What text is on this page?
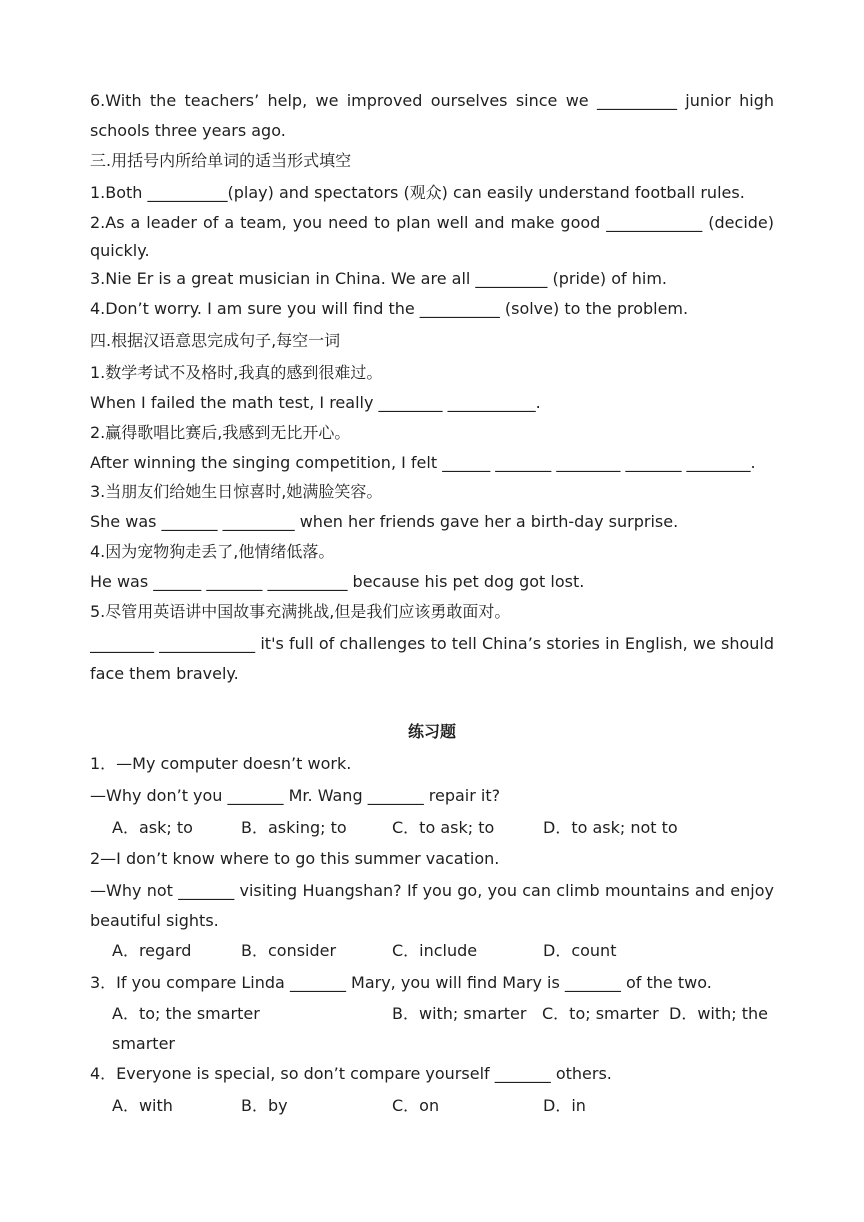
6.With the teachers’ help, we improved ourselves since we __________ junior high
schools three years ago.
三.用括号内所给单词的适当形式填空
1.Both __________(play) and spectators (观众) can easily understand football rules.
2.As a leader of a team, you need to plan well and make good ____________ (decide)
quickly.
3.Nie Er is a great musician in China. We are all _________ (pride) of him.
4.Don’t worry. I am sure you will find the __________ (solve) to the problem.
四.根据汉语意思完成句子,每空一词
1.数学考试不及格时,我真的感到很难过。
When I failed the math test, I really ________ ___________.
2.赢得歌唱比赛后,我感到无比开心。
After winning the singing competition, I felt ______ _______ ________ _______ ________.
3.当朋友们给她生日惊喜时,她满脸笑容。
She was _______ _________ when her friends gave her a birth-day surprise.
4.因为宠物狗走丢了,他情绪低落。
He was ______ _______ __________ because his pet dog got lost.
5.尽管用英语讲中国故事充满挑战,但是我们应该勇敢面对。
________ ____________ it's full of challenges to tell China’s stories in English, we should
face them bravely.
练习题
1．—My computer doesn’t work.
—Why don’t you _______ Mr. Wang _______ repair it?
A．ask; to	B．asking; to	C．to ask; to	D．to ask; not to
2—I don’t know where to go this summer vacation.
—Why not _______ visiting Huangshan? If you go, you can climb mountains and enjoy
beautiful sights.
A．regard	B．consider	C．include	D．count
3．If you compare Linda _______ Mary, you will find Mary is _______ of the two.
A．to; the smarter	B．with; smarter C．to; smarter D．with; the
smarter
4．Everyone is special, so don’t compare yourself _______ others.
A．with	B．by	C．on	D．in
